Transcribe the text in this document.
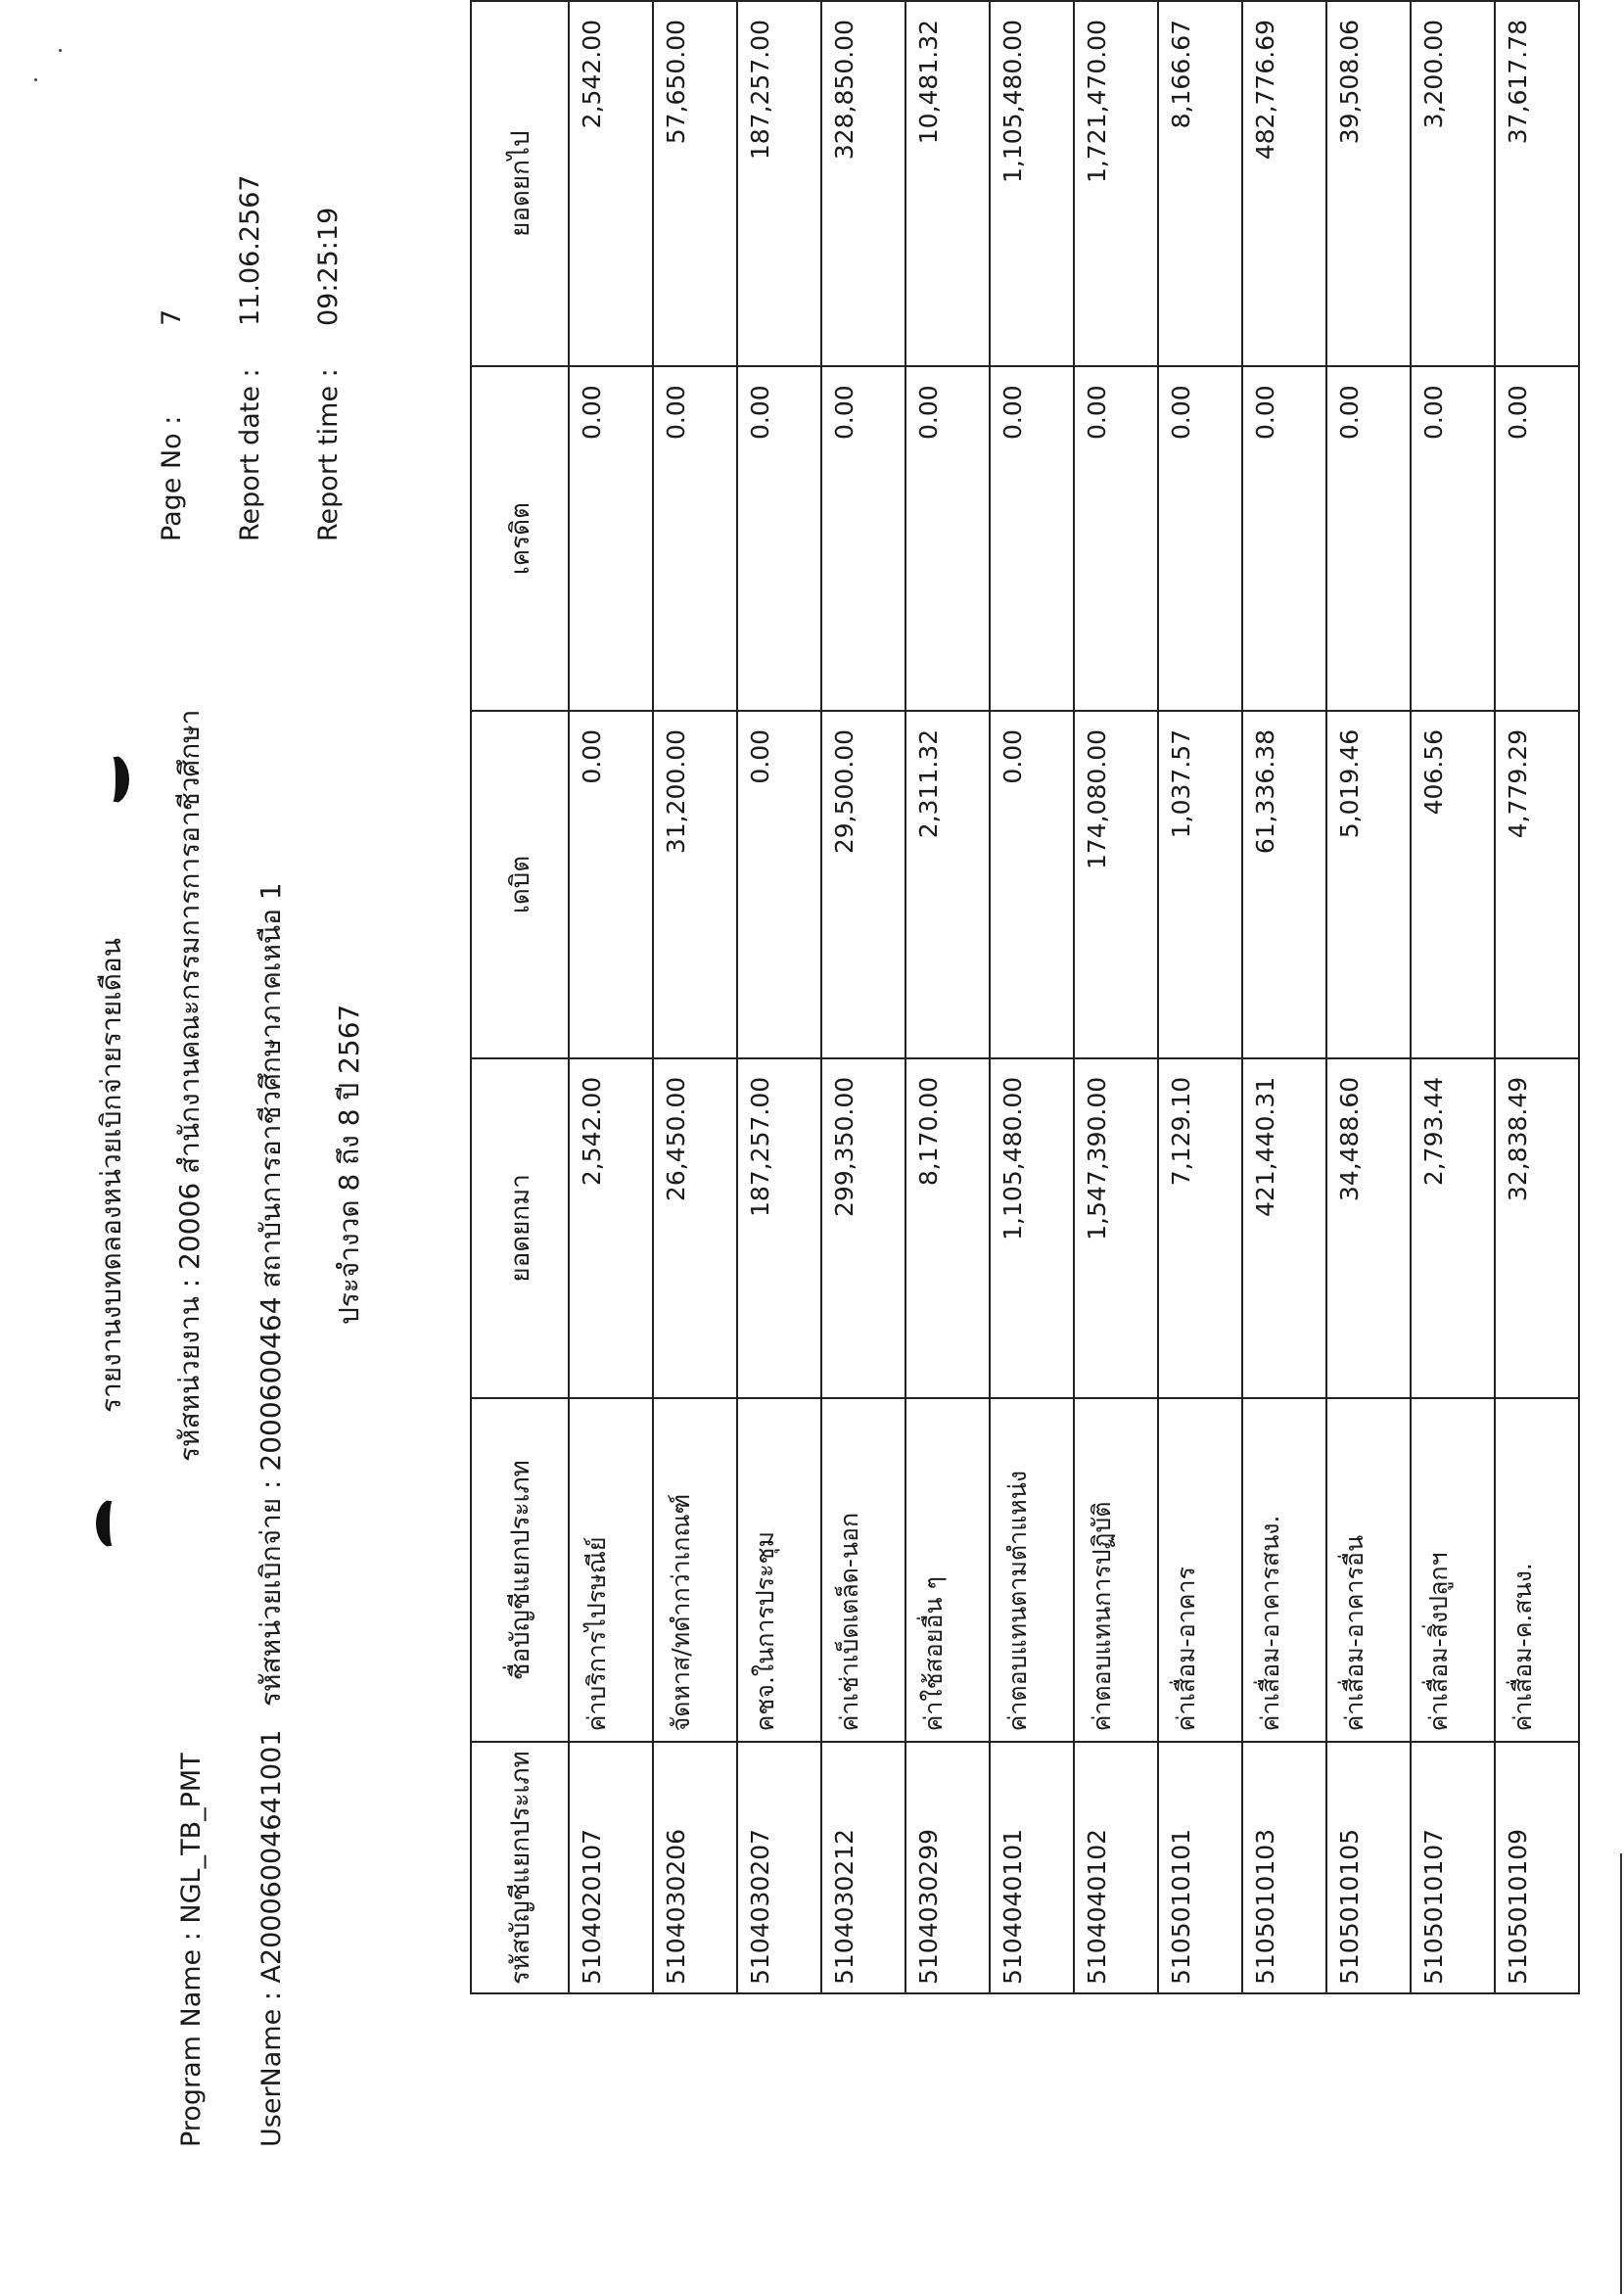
Program Name : NGL_TB_PMT UserName : A20006004641001
รายงานงบทดลองหน่วยเบิกจ่ายรายเดือน รหัสหน่วยงาน : 20006 สำนักงานคณะกรรมการการอาชีวศึกษา รหัสหน่วยเบิกจ่าย : 2000600464 สถาบันการอาชีวศึกษาภาคเหนือ 1 ประจำงวด 8 ถึง 8 ปี 2567
Page No :
7
Report date :
11.06.2567
Report time :
09:25:19
รหัสบัญชีแยกประเภท	ชื่อบัญชีแยกประเภท	ยอดยกมา	เดบิต	เครดิต	ยอดยกไป
5104020107	ค่าบริการไปรษณีย์	2,542.00	0.00	0.00	2,542.00
5104030206	จัดหาส/ทดำกว่าเกณฑ์	26,450.00	31,200.00	0.00	57,650.00
5104030207	คชจ.ในการประชุม	187,257.00	0.00	0.00	187,257.00
5104030212	ค่าเช่าเบ็ดเตล็ด-นอก	299,350.00	29,500.00	0.00	328,850.00
5104030299	ค่าใช้สอยอื่น ๆ	8,170.00	2,311.32	0.00	10,481.32
5104040101	ค่าตอบแทนตามตำแหน่ง	1,105,480.00	0.00	0.00	1,105,480.00
5104040102	ค่าตอบแทนการปฏิบัติ	1,547,390.00	174,080.00	0.00	1,721,470.00
5105010101	ค่าเสื่อม-อาคาร	7,129.10	1,037.57	0.00	8,166.67
5105010103	ค่าเสื่อม-อาคารสนง.	421,440.31	61,336.38	0.00	482,776.69
5105010105	ค่าเสื่อม-อาคารอื่น	34,488.60	5,019.46	0.00	39,508.06
5105010107	ค่าเสื่อม-สิ่งปลูกฯ	2,793.44	406.56	0.00	3,200.00
5105010109	ค่าเสื่อม-ค.สนง.	32,838.49	4,779.29	0.00	37,617.78
